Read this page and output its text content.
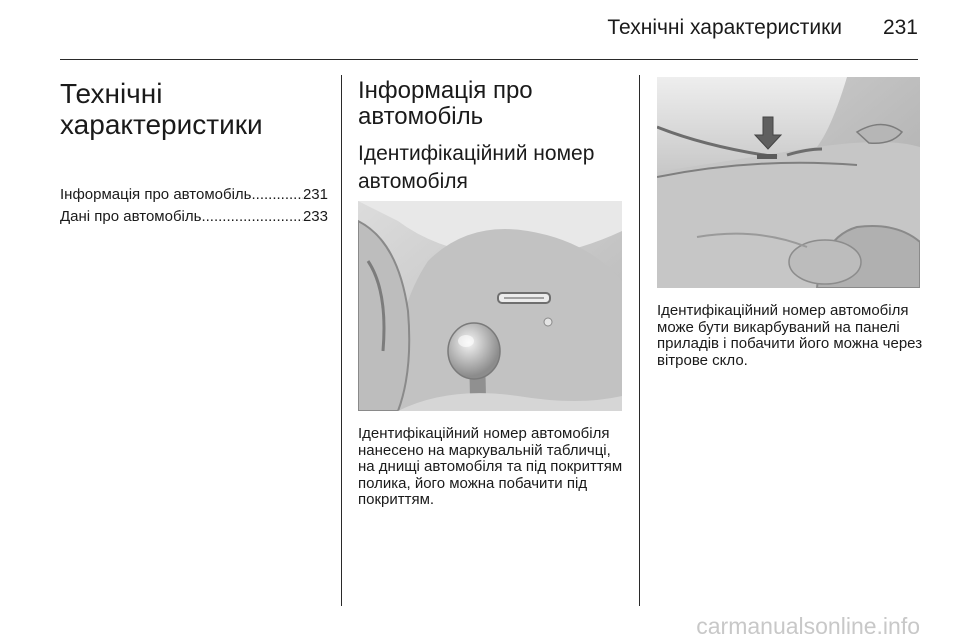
Технічні характеристики 231
Технічні характеристики
Інформація про автомобіль .....	231
Дані про автомобіль .....	233
Інформація про автомобіль
Ідентифікаційний номер автомобіля
Ідентифікаційний номер автомобіля нанесено на маркувальній табличці, на днищі автомобіля та під покриттям полика, його можна побачити під покриттям.
Ідентифікаційний номер автомобіля може бути викарбуваний на панелі приладів і побачити його можна через вітрове скло.
carmanualsonline.info
